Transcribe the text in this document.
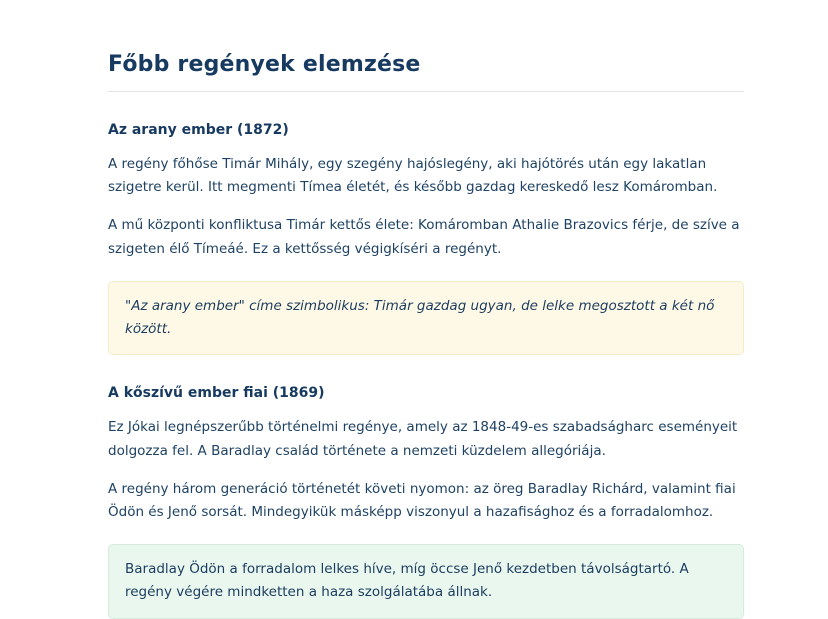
Főbb regények elemzése
Az arany ember (1872)

A regény főhőse Timár Mihály, egy szegény hajóslegény, aki hajótörés után egy lakatlan szigetre kerül. Itt megmenti Tímea életét, és később gazdag kereskedő lesz Komáromban.

A mű központi konfliktusa Timár kettős élete: Komáromban Athalie Brazovics férje, de szíve a szigeten élő Tímeáé. Ez a kettősség végigkíséri a regényt.

"Az arany ember" címe szimbolikus: Timár gazdag ugyan, de lelke megosztott a két nő között.
A kőszívű ember fiai (1869)

Ez Jókai legnépszerűbb történelmi regénye, amely az 1848-49-es szabadságharc eseményeit dolgozza fel. A Baradlay család története a nemzeti küzdelem allegóriája.

A regény három generáció történetét követi nyomon: az öreg Baradlay Richárd, valamint fiai Ödön és Jenő sorsát. Mindegyikük másképp viszonyul a hazafisághoz és a forradalomhoz.

Baradlay Ödön a forradalom lelkes híve, míg öccse Jenő kezdetben távolságtartó. A regény végére mindketten a haza szolgálatába állnak.
